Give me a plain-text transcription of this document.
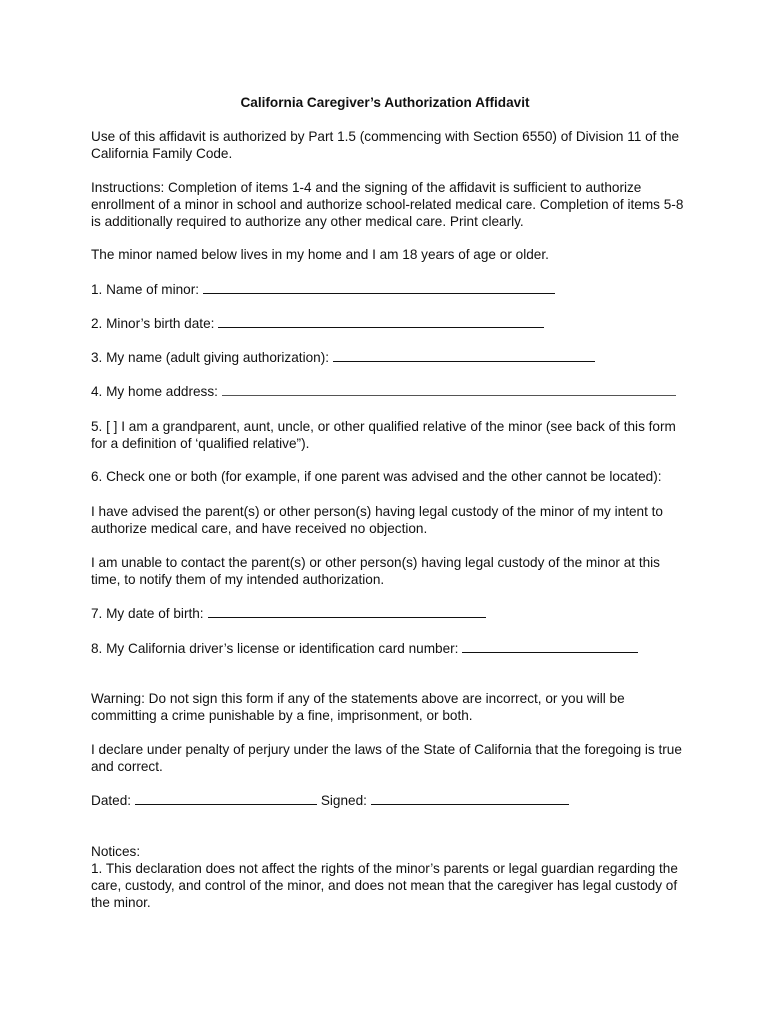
California Caregiver’s Authorization Affidavit

Use of this affidavit is authorized by Part 1.5 (commencing with Section 6550) of Division 11 of the California Family Code.

Instructions: Completion of items 1-4 and the signing of the affidavit is sufficient to authorize enrollment of a minor in school and authorize school-related medical care. Completion of items 5-8 is additionally required to authorize any other medical care. Print clearly.

The minor named below lives in my home and I am 18 years of age or older.

1. Name of minor:
2. Minor’s birth date:
3. My name (adult giving authorization):
4. My home address:

5. [ ] I am a grandparent, aunt, uncle, or other qualified relative of the minor (see back of this form for a definition of ‘qualified relative”).

6. Check one or both (for example, if one parent was advised and the other cannot be located):

I have advised the parent(s) or other person(s) having legal custody of the minor of my intent to authorize medical care, and have received no objection.

I am unable to contact the parent(s) or other person(s) having legal custody of the minor at this time, to notify them of my intended authorization.

7. My date of birth:
8. My California driver’s license or identification card number:

Warning: Do not sign this form if any of the statements above are incorrect, or you will be committing a crime punishable by a fine, imprisonment, or both.

I declare under penalty of perjury under the laws of the State of California that the foregoing is true and correct.

Dated:	Signed:
Notices:
1. This declaration does not affect the rights of the minor’s parents or legal guardian regarding the care, custody, and control of the minor, and does not mean that the caregiver has legal custody of the minor.
